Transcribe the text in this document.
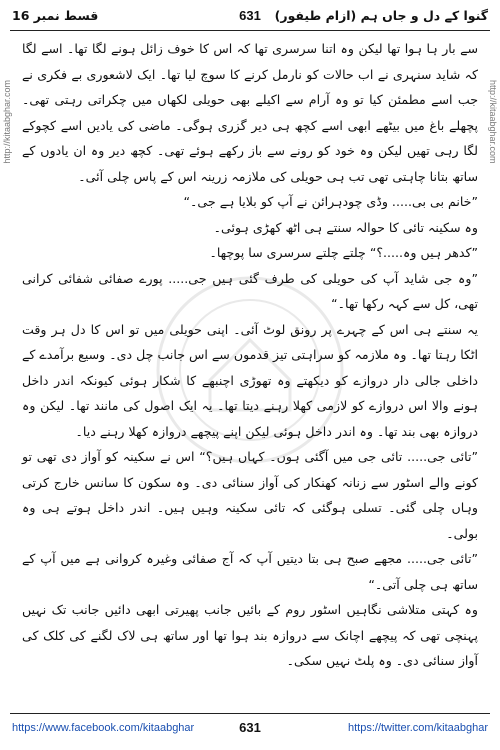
قسط نمبر 16	631	گنوا کے دل و جاں ہم (ازام طیفور)
http://kitaabghar.com
http://kitaabghar.com

سے بار ہا ہوا تھا لیکن وہ اتنا سرسری تھا کہ اس کا خوف زائل ہونے لگا تھا۔ اسے لگا کہ شاید سنہری نے اب حالات کو نارمل کرنے کا سوچ لیا تھا۔ ایک لاشعوری بے فکری نے جب اسے مطمئن کیا تو وہ آرام سے اکیلے بھی حویلی لکھاں میں چکراتی رہتی تھی۔ پچھلے باغ میں بیٹھے ابھی اسے کچھ ہی دیر گزری ہوگی۔ ماضی کی یادیں اسے کچوکے لگا رہی تھیں لیکن وہ خود کو رونے سے باز رکھے ہوئے تھی۔ کچھ دیر وہ ان یادوں کے ساتھ بتانا چاہتی تھی تب ہی حویلی کی ملازمہ زرینہ اس کے پاس چلی آئی۔

”خانم بی بی..... وڈی چودہرائن نے آپ کو بلایا ہے جی۔“

وہ سکینہ تائی کا حوالہ سنتے ہی اٹھ کھڑی ہوئی۔

”کدھر ہیں وہ.....؟“ چلتے چلتے سرسری سا پوچھا۔

”وہ جی شاید آپ کی حویلی کی طرف گئی ہیں جی..... پورے صفائی شفائی کرانی تھی، کل سے کہہ رکھا تھا۔“

یہ سنتے ہی اس کے چہرے پر رونق لوٹ آئی۔ اپنی حویلی میں تو اس کا دل ہر وقت اٹکا رہتا تھا۔ وہ ملازمہ کو سراہتی تیز قدموں سے اس جانب چل دی۔ وسیع برآمدے کے داخلی جالی دار دروازے کو دیکھتے وہ تھوڑی اچنبھے کا شکار ہوئی کیونکہ اندر داخل ہونے والا اس دروازے کو لازمی کھلا رہنے دیتا تھا۔ یہ ایک اصول کی مانند تھا۔ لیکن وہ دروازہ بھی بند تھا۔ وہ اندر داخل ہوئی لیکن اپنے پیچھے دروازہ کھلا رہنے دیا۔

”تائی جی..... تائی جی میں آگئی ہوں۔ کہاں ہیں؟“ اس نے سکینہ کو آواز دی تھی تو کونے والے اسٹور سے زنانہ کھنکار کی آواز سنائی دی۔ وہ سکون کا سانس خارج کرتی وہاں چلی گئی۔ تسلی ہوگئی کہ تائی سکینہ وہیں ہیں۔ اندر داخل ہوتے ہی وہ بولی۔

”تائی جی..... مجھے صبح ہی بتا دیتیں آپ کہ آج صفائی وغیرہ کروانی ہے میں آپ کے ساتھ ہی چلی آتی۔“

وہ کہتی متلاشی نگاہیں اسٹور روم کے بائیں جانب پھیرتی ابھی دائیں جانب تک نہیں پہنچی تھی کہ پیچھے اچانک سے دروازہ بند ہوا تھا اور ساتھ ہی لاک لگنے کی کلک کی آواز سنائی دی۔ وہ پلٹ نہیں سکی۔

https://www.facebook.com/kitaabghar	631	https://twitter.com/kitaabghar
